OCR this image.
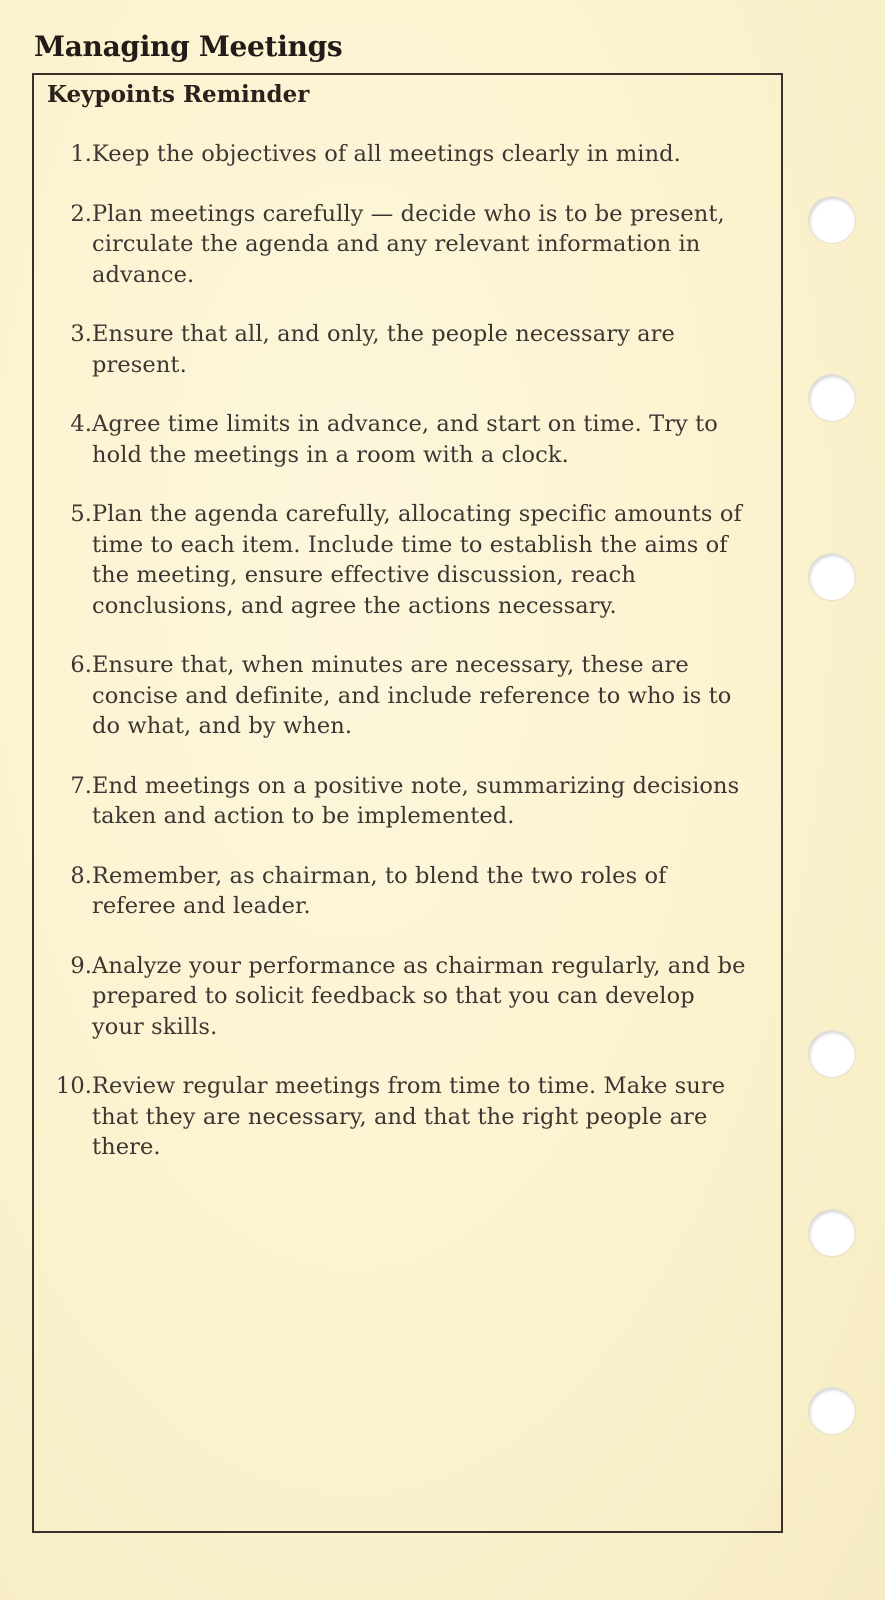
Managing Meetings
Keypoints Reminder
1. Keep the objectives of all meetings clearly in mind.
2. Plan meetings carefully — decide who is to be present, circulate the agenda and any relevant information in advance.
3. Ensure that all, and only, the people necessary are present.
4. Agree time limits in advance, and start on time. Try to hold the meetings in a room with a clock.
5. Plan the agenda carefully, allocating specific amounts of time to each item. Include time to establish the aims of the meeting, ensure effective discussion, reach conclusions, and agree the actions necessary.
6. Ensure that, when minutes are necessary, these are concise and definite, and include reference to who is to do what, and by when.
7. End meetings on a positive note, summarizing decisions taken and action to be implemented.
8. Remember, as chairman, to blend the two roles of referee and leader.
9. Analyze your performance as chairman regularly, and be prepared to solicit feedback so that you can develop your skills.
10. Review regular meetings from time to time. Make sure that they are necessary, and that the right people are there.
